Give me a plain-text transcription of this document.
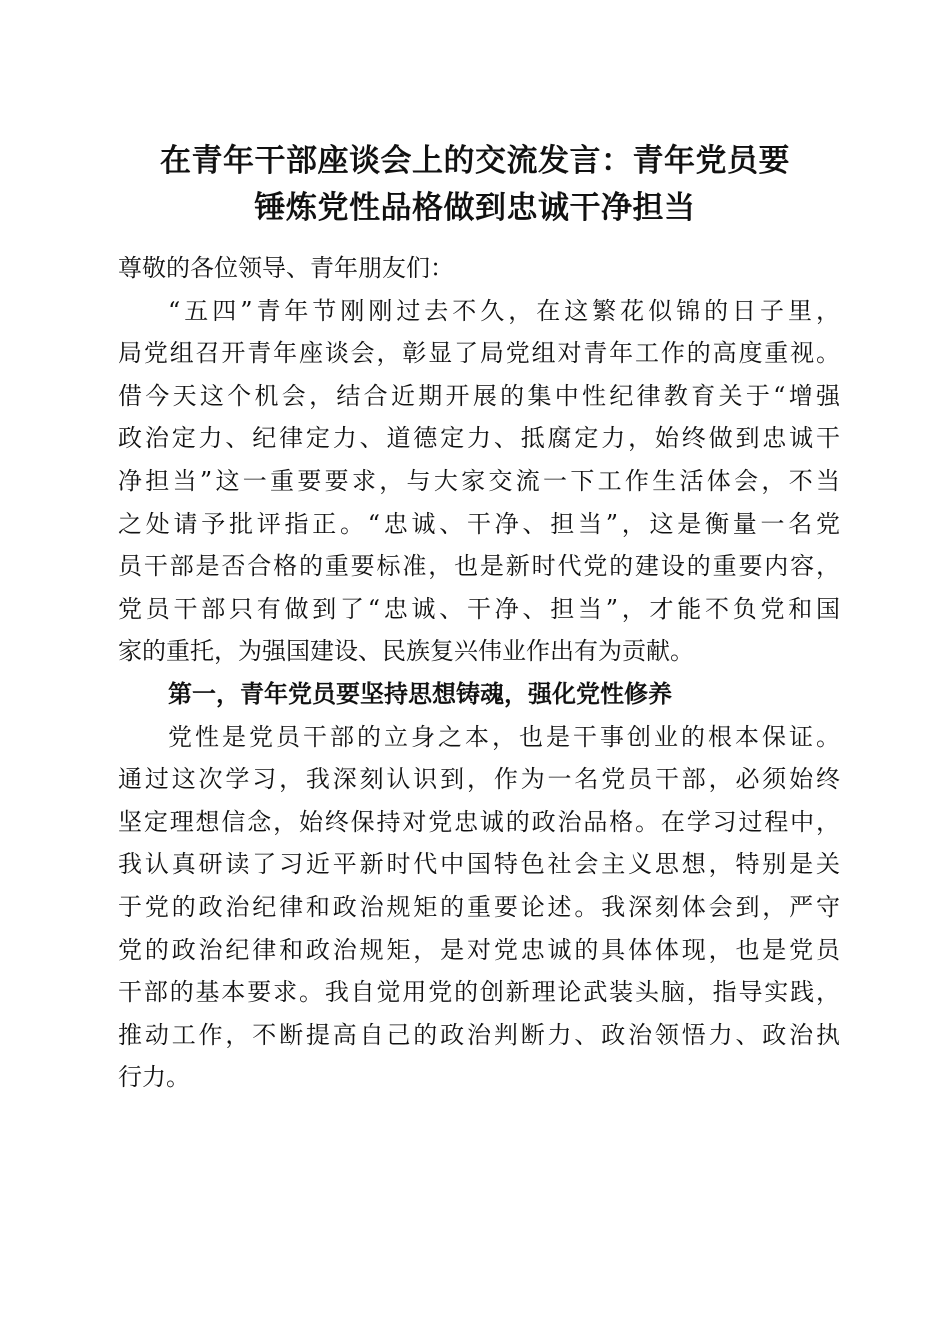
在青年干部座谈会上的交流发言：青年党员要
锤炼党性品格做到忠诚干净担当
尊敬的各位领导、青年朋友们：
“五四”青年节刚刚过去不久，在这繁花似锦的日子里，
局党组召开青年座谈会，彰显了局党组对青年工作的高度重视。
借今天这个机会，结合近期开展的集中性纪律教育关于“增强
政治定力、纪律定力、道德定力、抵腐定力，始终做到忠诚干
净担当”这一重要要求，与大家交流一下工作生活体会，不当
之处请予批评指正。“忠诚、干净、担当”，这是衡量一名党
员干部是否合格的重要标准，也是新时代党的建设的重要内容，
党员干部只有做到了“忠诚、干净、担当”，才能不负党和国
家的重托，为强国建设、民族复兴伟业作出有为贡献。
第一，青年党员要坚持思想铸魂，强化党性修养
党性是党员干部的立身之本，也是干事创业的根本保证。
通过这次学习，我深刻认识到，作为一名党员干部，必须始终
坚定理想信念，始终保持对党忠诚的政治品格。在学习过程中，
我认真研读了习近平新时代中国特色社会主义思想，特别是关
于党的政治纪律和政治规矩的重要论述。我深刻体会到，严守
党的政治纪律和政治规矩，是对党忠诚的具体体现，也是党员
干部的基本要求。我自觉用党的创新理论武装头脑，指导实践，
推动工作，不断提高自己的政治判断力、政治领悟力、政治执
行力。
